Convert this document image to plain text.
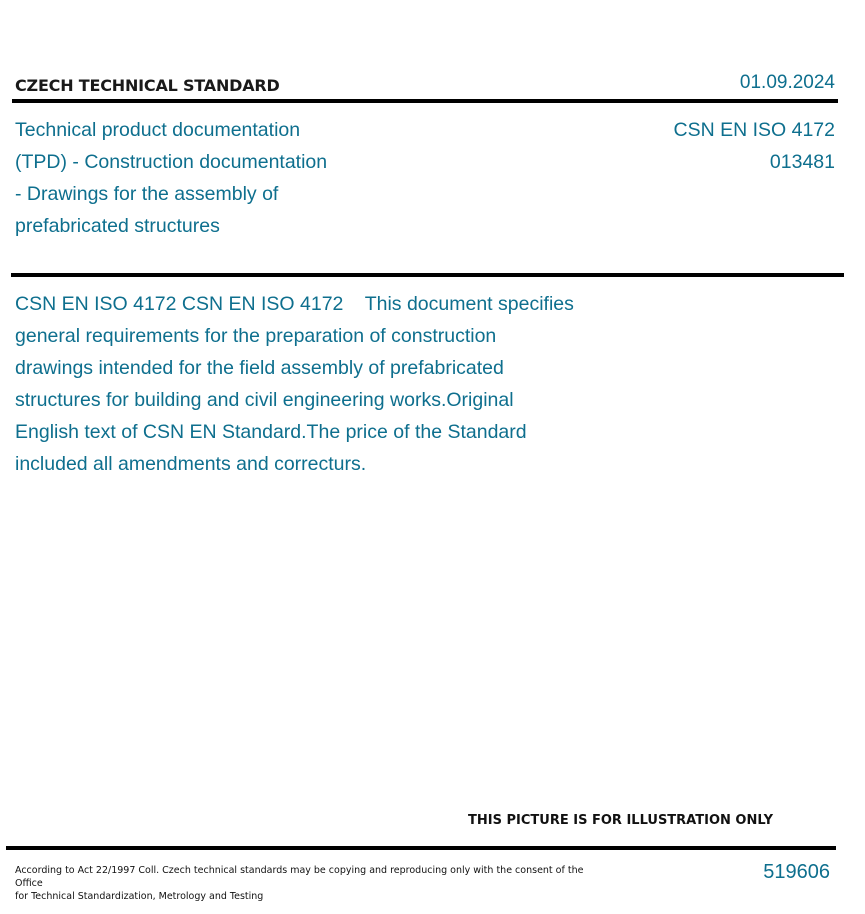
CZECH TECHNICAL STANDARD	01.09.2024
Technical product documentation
(TPD) - Construction documentation
- Drawings for the assembly of
prefabricated structures
CSN EN ISO 4172
013481
CSN EN ISO 4172 CSN EN ISO 4172    This document specifies
general requirements for the preparation of construction
drawings intended for the field assembly of prefabricated
structures for building and civil engineering works.Original
English text of CSN EN Standard.The price of the Standard
included all amendments and correcturs.
THIS PICTURE IS FOR ILLUSTRATION ONLY
According to Act 22/1997 Coll. Czech technical standards may be copying and reproducing only with the consent of the Office
for Technical Standardization, Metrology and Testing
519606
